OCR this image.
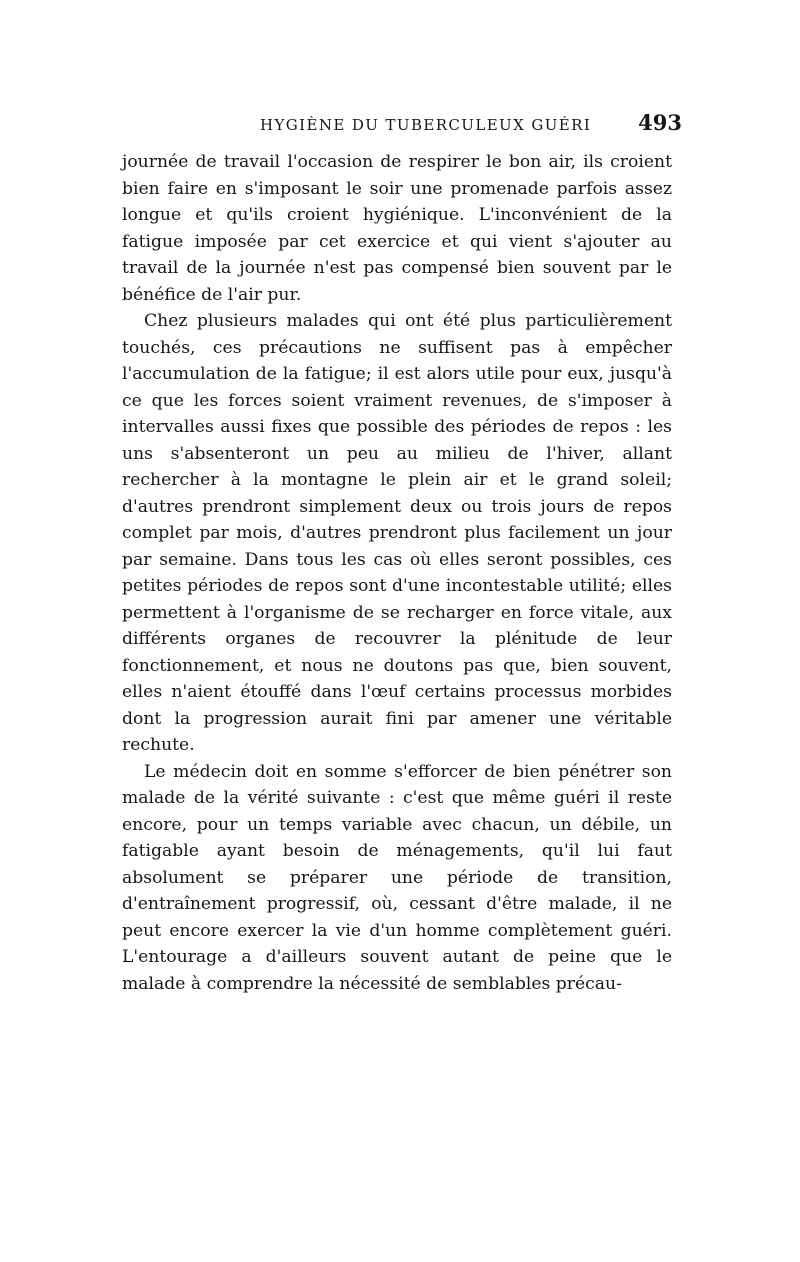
HYGIÈNE DU TUBERCULEUX GUÉRI 493

journée de travail l'occasion de respirer le bon air, ils croient bien faire en s'imposant le soir une promenade parfois assez longue et qu'ils croient hygiénique. L'inconvénient de la fatigue imposée par cet exercice et qui vient s'ajouter au travail de la journée n'est pas compensé bien souvent par le bénéfice de l'air pur.

Chez plusieurs malades qui ont été plus particulièrement touchés, ces précautions ne suffisent pas à empêcher l'accumulation de la fatigue; il est alors utile pour eux, jusqu'à ce que les forces soient vraiment revenues, de s'imposer à intervalles aussi fixes que possible des périodes de repos : les uns s'absenteront un peu au milieu de l'hiver, allant rechercher à la montagne le plein air et le grand soleil; d'autres prendront simplement deux ou trois jours de repos complet par mois, d'autres prendront plus facilement un jour par semaine. Dans tous les cas où elles seront possibles, ces petites périodes de repos sont d'une incontestable utilité; elles permettent à l'organisme de se recharger en force vitale, aux différents organes de recouvrer la plénitude de leur fonctionnement, et nous ne doutons pas que, bien souvent, elles n'aient étouffé dans l'œuf certains processus morbides dont la progression aurait fini par amener une véritable rechute.

Le médecin doit en somme s'efforcer de bien pénétrer son malade de la vérité suivante : c'est que même guéri il reste encore, pour un temps variable avec chacun, un débile, un fatigable ayant besoin de ménagements, qu'il lui faut absolument se préparer une période de transition, d'entraînement progressif, où, cessant d'être malade, il ne peut encore exercer la vie d'un homme complètement guéri. L'entourage a d'ailleurs souvent autant de peine que le malade à comprendre la nécessité de semblables précau-
